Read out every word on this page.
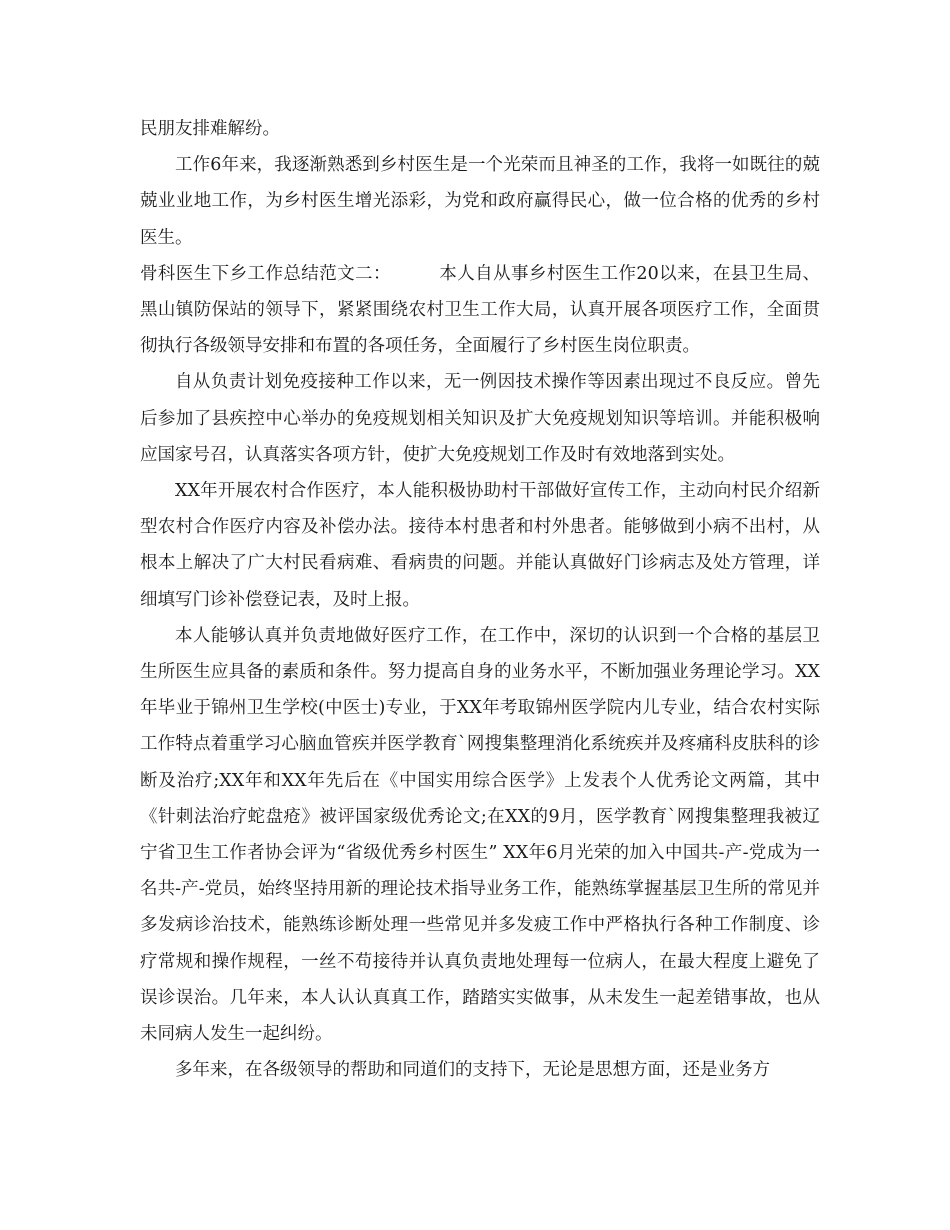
民朋友排难解纷。

工作6年来，我逐渐熟悉到乡村医生是一个光荣而且神圣的工作，我将一如既往的兢兢业业地工作，为乡村医生增光添彩，为党和政府赢得民心，做一位合格的优秀的乡村医生。

骨科医生下乡工作总结范文二：	本人自从事乡村医生工作20以来，在县卫生局、黑山镇防保站的领导下，紧紧围绕农村卫生工作大局，认真开展各项医疗工作，全面贯彻执行各级领导安排和布置的各项任务，全面履行了乡村医生岗位职责。

自从负责计划免疫接种工作以来，无一例因技术操作等因素出现过不良反应。曾先后参加了县疾控中心举办的免疫规划相关知识及扩大免疫规划知识等培训。并能积极响应国家号召，认真落实各项方针，使扩大免疫规划工作及时有效地落到实处。

XX年开展农村合作医疗，本人能积极协助村干部做好宣传工作，主动向村民介绍新型农村合作医疗内容及补偿办法。接待本村患者和村外患者。能够做到小病不出村，从根本上解决了广大村民看病难、看病贵的问题。并能认真做好门诊病志及处方管理，详细填写门诊补偿登记表，及时上报。

本人能够认真并负责地做好医疗工作，在工作中，深切的认识到一个合格的基层卫生所医生应具备的素质和条件。努力提高自身的业务水平，不断加强业务理论学习。XX年毕业于锦州卫生学校(中医士)专业，于XX年考取锦州医学院内儿专业，结合农村实际工作特点着重学习心脑血管疾并医学教育`网搜集整理消化系统疾并及疼痛科皮肤科的诊断及治疗;XX年和XX年先后在《中国实用综合医学》上发表个人优秀论文两篇，其中《针刺法治疗蛇盘疮》被评国家级优秀论文;在XX的9月，医学教育`网搜集整理我被辽宁省卫生工作者协会评为“省级优秀乡村医生” XX年6月光荣的加入中国共-产-党成为一名共-产-党员，始终坚持用新的理论技术指导业务工作，能熟练掌握基层卫生所的常见并多发病诊治技术，能熟练诊断处理一些常见并多发疲工作中严格执行各种工作制度、诊疗常规和操作规程，一丝不苟接待并认真负责地处理每一位病人，在最大程度上避免了误诊误治。几年来，本人认认真真工作，踏踏实实做事，从未发生一起差错事故，也从未同病人发生一起纠纷。

多年来，在各级领导的帮助和同道们的支持下，无论是思想方面，还是业务方
